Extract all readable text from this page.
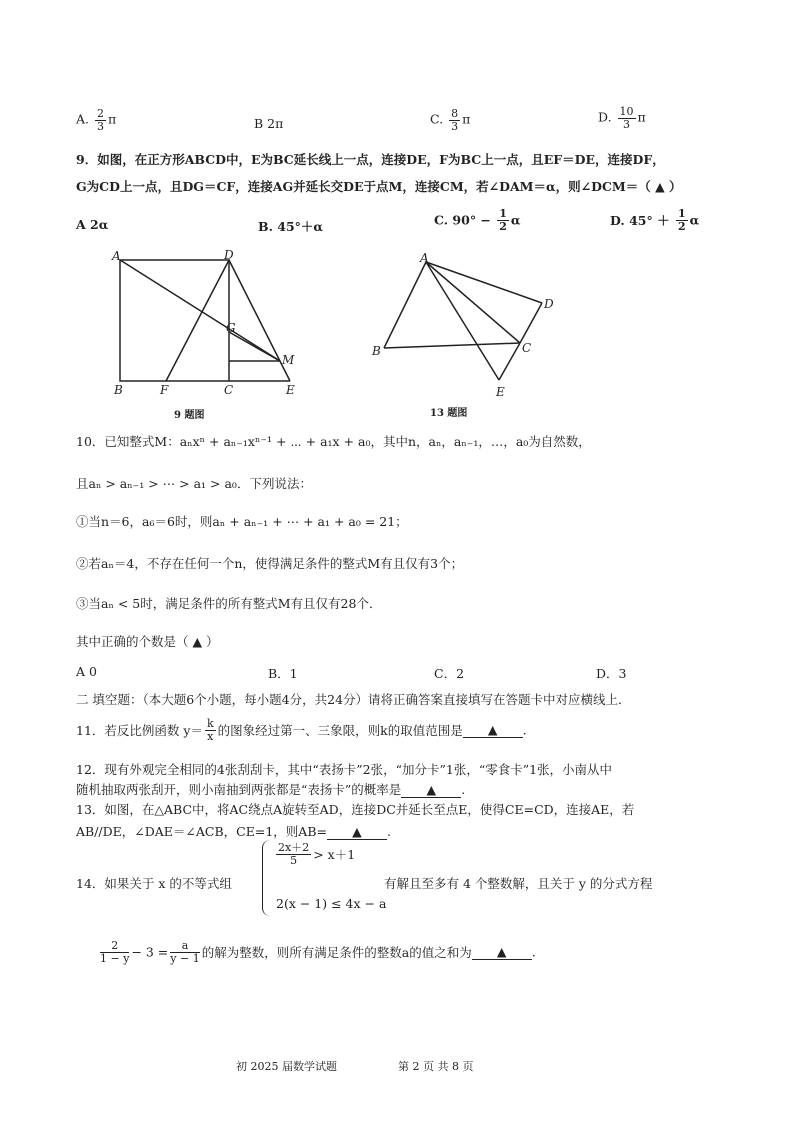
A. $\frac{2}{3}$ π	B 2π	C. $\frac{8}{3}$ π	D. $\frac{10}{3}$ π
9．如图，在正方形ABCD中，E为BC延长线上一点，连接DE，F为BC上一点，且EF＝DE，连接DF，
G为CD上一点，且DG＝CF，连接AG并延长交DE于点M，连接CM，若∠DAM＝α，则∠DCM＝（ ▲ ）
A 2α	B. 45°＋α	C. $90^\circ - \frac{1}{2}$ α	D. $45^\circ + \frac{1}{2}$ α
A	D
G
M
B	F	C	E
9 题图
A
D
B	C
E
13 题图
10．已知整式M：aₙxⁿ + aₙ₋₁xⁿ⁻¹ + ⋯ + a₁x + a₀，其中n，aₙ，aₙ₋₁，…，a₀为自然数，
且aₙ > aₙ₋₁ > ⋯ > a₁ > a₀．下列说法：
①当n＝6，a₆＝6时，则aₙ + aₙ₋₁ + ⋯ + a₁ + a₀ = 21；
②若aₙ＝4，不存在任何一个n，使得满足条件的整式M有且仅有3个；
③当aₙ < 5时，满足条件的所有整式M有且仅有28个．
其中正确的个数是（ ▲ ）
A 0	B．1	C．2	D．3
二 填空题：（本大题6个小题，每小题4分，共24分）请将正确答案直接填写在答题卡中对应横线上．
11．若反比例函数 $y= \frac{k}{x}$ 的图象经过第一、三象限，则k的取值范围是 ▲ .
12．现有外观完全相同的4张刮刮卡，其中“表扬卡”2张，“加分卡”1张，“零食卡”1张，小南从中
随机抽取两张刮开，则小南抽到两张都是“表扬卡”的概率是 ▲ .
13．如图，在△ABC中，将AC绕点A旋转至AD，连接DC并延长至点E，使得CE=CD，连接AE，若
AB//DE，∠DAE＝∠ACB，CE=1，则AB= ▲ .
14．如果关于 x 的不等式组
$\frac{2x+2}{5} > x+1$
2(x − 1) ≤ 4x − a
有解且至多有 4 个整数解，且关于 y 的分式方程
$\frac{2}{1 - y} - 3 = \frac{a}{y - 1}$ 的解为整数，则所有满足条件的整数a的值之和为 ▲ .
初 2025 届数学试题	第 2 页 共 8 页
